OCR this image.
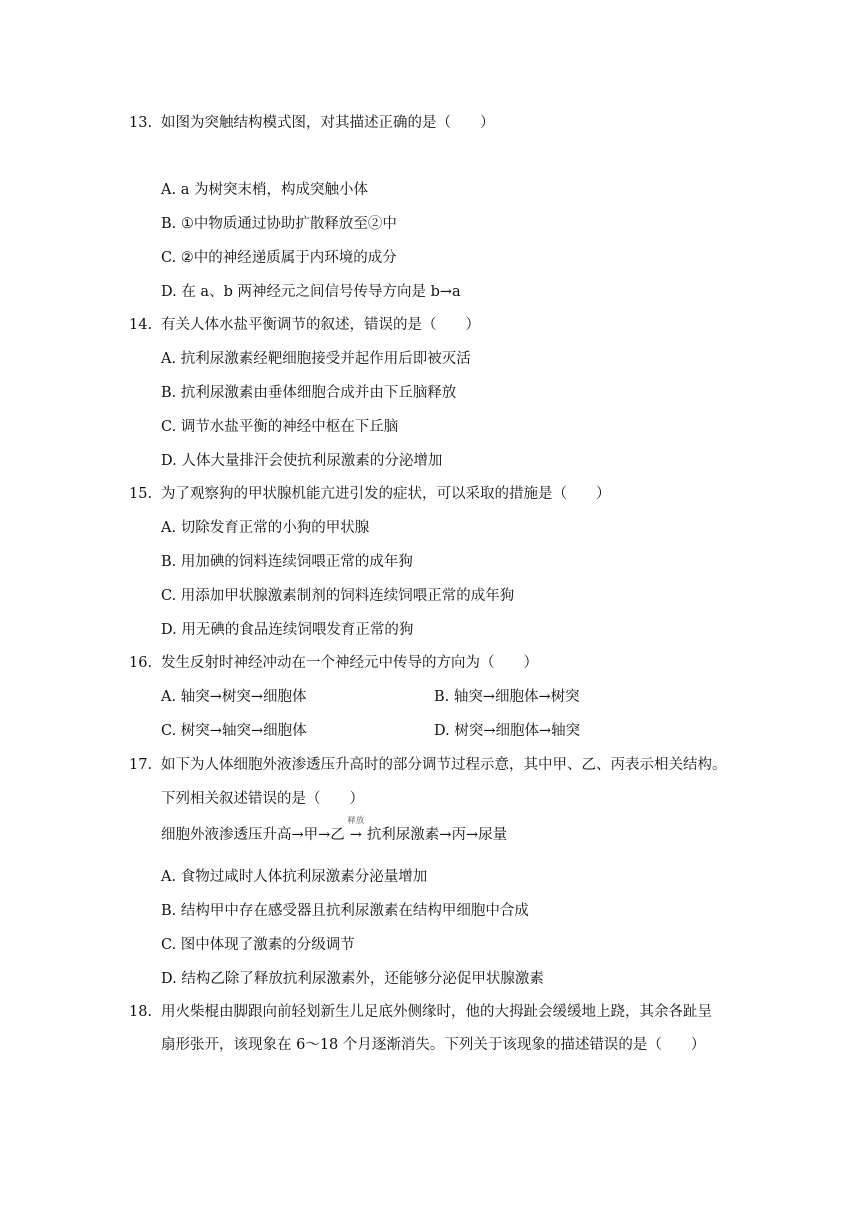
13. 如图为突触结构模式图，对其描述正确的是（　　）
A. a 为树突末梢，构成突触小体
B. ①中物质通过协助扩散释放至②中
C. ②中的神经递质属于内环境的成分
D. 在 a、b 两神经元之间信号传导方向是 b→a
14. 有关人体水盐平衡调节的叙述，错误的是（　　）
A. 抗利尿激素经靶细胞接受并起作用后即被灭活
B. 抗利尿激素由垂体细胞合成并由下丘脑释放
C. 调节水盐平衡的神经中枢在下丘脑
D. 人体大量排汗会使抗利尿激素的分泌增加
15. 为了观察狗的甲状腺机能亢进引发的症状，可以采取的措施是（　　）
A. 切除发育正常的小狗的甲状腺
B. 用加碘的饲料连续饲喂正常的成年狗
C. 用添加甲状腺激素制剂的饲料连续饲喂正常的成年狗
D. 用无碘的食品连续饲喂发育正常的狗
16. 发生反射时神经冲动在一个神经元中传导的方向为（　　）
A. 轴突→树突→细胞体	B. 轴突→细胞体→树突
C. 树突→轴突→细胞体	D. 树突→细胞体→轴突
17. 如下为人体细胞外液渗透压升高时的部分调节过程示意，其中甲、乙、丙表示相关结构。
下列相关叙述错误的是（　　）
细胞外液渗透压升高→甲→乙
释放
→ 抗利尿激素→丙→尿量
A. 食物过咸时人体抗利尿激素分泌量增加
B. 结构甲中存在感受器且抗利尿激素在结构甲细胞中合成
C. 图中体现了激素的分级调节
D. 结构乙除了释放抗利尿激素外，还能够分泌促甲状腺激素
18. 用火柴棍由脚跟向前轻划新生儿足底外侧缘时，他的大拇趾会缓缓地上跷，其余各趾呈
扇形张开，该现象在 6～18 个月逐渐消失。下列关于该现象的描述错误的是（　　）
